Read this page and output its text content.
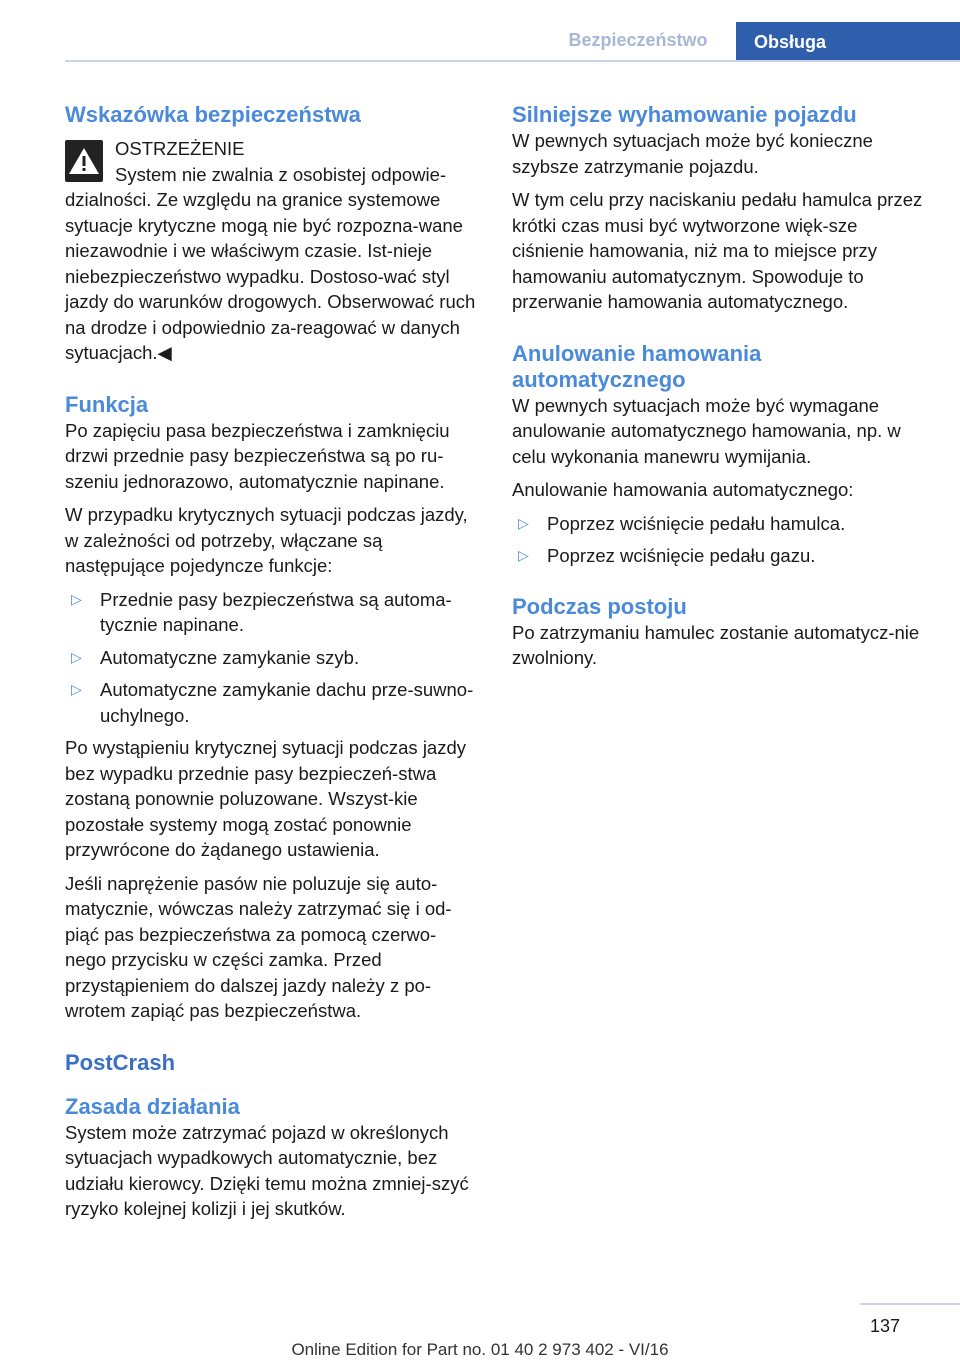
Bezpieczeństwo	Obsługa
Wskazówka bezpieczeństwa

OSTRZEŻENIE

System nie zwalnia z osobistej odpowie-

dzialności. Ze względu na granice systemowe sytuacje krytyczne mogą nie być rozpozna-wane niezawodnie i we właściwym czasie. Ist-nieje niebezpieczeństwo wypadku. Dostoso-wać styl jazdy do warunków drogowych. Obserwować ruch na drodze i odpowiednio za-reagować w danych sytuacjach.◀

Funkcja

Po zapięciu pasa bezpieczeństwa i zamknięciu drzwi przednie pasy bezpieczeństwa są po ru-szeniu jednorazowo, automatycznie napinane.

W przypadku krytycznych sytuacji podczas jazdy, w zależności od potrzeby, włączane są następujące pojedyncze funkcje:

▷ Przednie pasy bezpieczeństwa są automa-tycznie napinane.
▷ Automatyczne zamykanie szyb.
▷ Automatyczne zamykanie dachu prze-suwno-uchylnego.

Po wystąpieniu krytycznej sytuacji podczas jazdy bez wypadku przednie pasy bezpieczeń-stwa zostaną ponownie poluzowane. Wszyst-kie pozostałe systemy mogą zostać ponownie przywrócone do żądanego ustawienia.

Jeśli naprężenie pasów nie poluzuje się auto-matycznie, wówczas należy zatrzymać się i od-piąć pas bezpieczeństwa za pomocą czerwo-nego przycisku w części zamka. Przed przystąpieniem do dalszej jazdy należy z po-wrotem zapiąć pas bezpieczeństwa.

PostCrash
Zasada działania

System może zatrzymać pojazd w określonych sytuacjach wypadkowych automatycznie, bez udziału kierowcy. Dzięki temu można zmniej-szyć ryzyko kolejnej kolizji i jej skutków.

Silniejsze wyhamowanie pojazdu

W pewnych sytuacjach może być konieczne szybsze zatrzymanie pojazdu.

W tym celu przy naciskaniu pedału hamulca przez krótki czas musi być wytworzone więk-sze ciśnienie hamowania, niż ma to miejsce przy hamowaniu automatycznym. Spowoduje to przerwanie hamowania automatycznego.

Anulowanie hamowania automatycznego

W pewnych sytuacjach może być wymagane anulowanie automatycznego hamowania, np. w celu wykonania manewru wymijania.

Anulowanie hamowania automatycznego:

▷ Poprzez wciśnięcie pedału hamulca.
▷ Poprzez wciśnięcie pedału gazu.
Podczas postoju

Po zatrzymaniu hamulec zostanie automatycz-nie zwolniony.

137
Online Edition for Part no. 01 40 2 973 402 - VI/16
